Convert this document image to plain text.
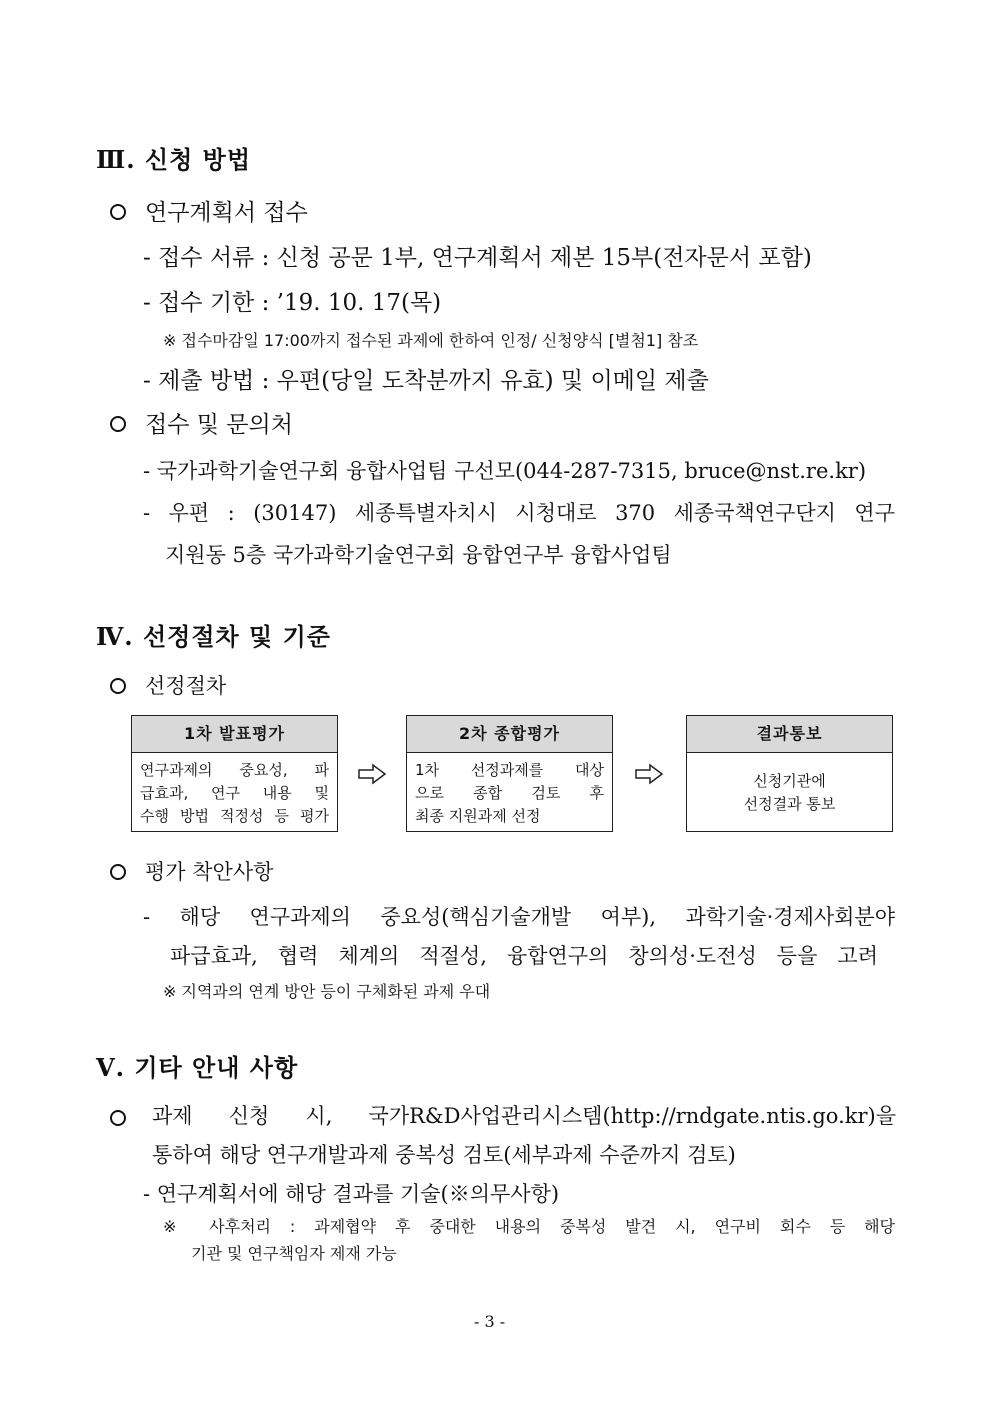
Ⅲ. 신청 방법
연구계획서 접수
- 접수 서류 : 신청 공문 1부, 연구계획서 제본 15부(전자문서 포함)
- 접수 기한 : ’19. 10. 17(목)
※ 접수마감일 17:00까지 접수된 과제에 한하여 인정/ 신청양식 [별첨1] 참조
- 제출 방법 : 우편(당일 도착분까지 유효) 및 이메일 제출
접수 및 문의처
- 국가과학기술연구회 융합사업팀 구선모(044-287-7315, bruce@nst.re.kr)
- 우편 : (30147) 세종특별자치시 시청대로 370 세종국책연구단지 연구
지원동 5층 국가과학기술연구회 융합연구부 융합사업팀
Ⅳ. 선정절차 및 기준
선정절차
1차 발표평가
연구과제의 중요성, 파
급효과, 연구 내용 및
수행 방법 적정성 등 평가
2차 종합평가
1차 선정과제를 대상
으로 종합 검토 후
최종 지원과제 선정
결과통보
신청기관에
선정결과 통보
평가 착안사항
- 해당 연구과제의 중요성(핵심기술개발 여부), 과학기술·경제사회분야
파급효과, 협력 체계의 적절성, 융합연구의 창의성·도전성 등을 고려
※ 지역과의 연계 방안 등이 구체화된 과제 우대
Ⅴ. 기타 안내 사항
과제 신청 시, 국가R&D사업관리시스템(http://rndgate.ntis.go.kr)을
통하여 해당 연구개발과제 중복성 검토(세부과제 수준까지 검토)
- 연구계획서에 해당 결과를 기술(※의무사항)
※ 사후처리 : 과제협약 후 중대한 내용의 중복성 발견 시, 연구비 회수 등 해당
기관 및 연구책임자 제재 가능
- 3 -
